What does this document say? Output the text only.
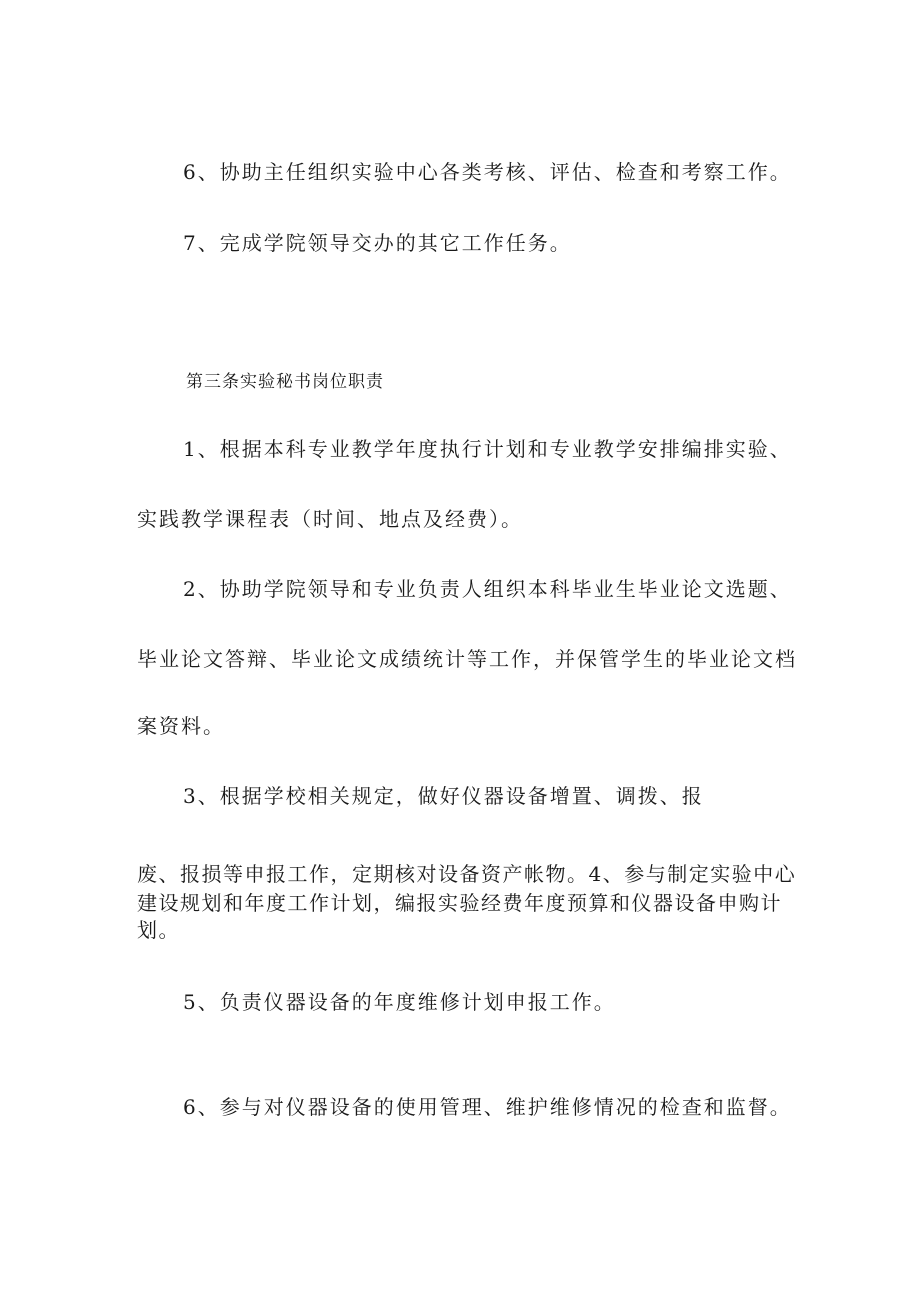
6、协助主任组织实验中心各类考核、评估、检查和考察工作。
7、完成学院领导交办的其它工作任务。
第三条实验秘书岗位职责
1、根据本科专业教学年度执行计划和专业教学安排编排实验、
实践教学课程表（时间、地点及经费）。
2、协助学院领导和专业负责人组织本科毕业生毕业论文选题、
毕业论文答辩、毕业论文成绩统计等工作，并保管学生的毕业论文档
案资料。
3、根据学校相关规定，做好仪器设备增置、调拨、报
废、报损等申报工作，定期核对设备资产帐物。4、参与制定实验中心
建设规划和年度工作计划，编报实验经费年度预算和仪器设备申购计
划。
5、负责仪器设备的年度维修计划申报工作。
6、参与对仪器设备的使用管理、维护维修情况的检查和监督。
